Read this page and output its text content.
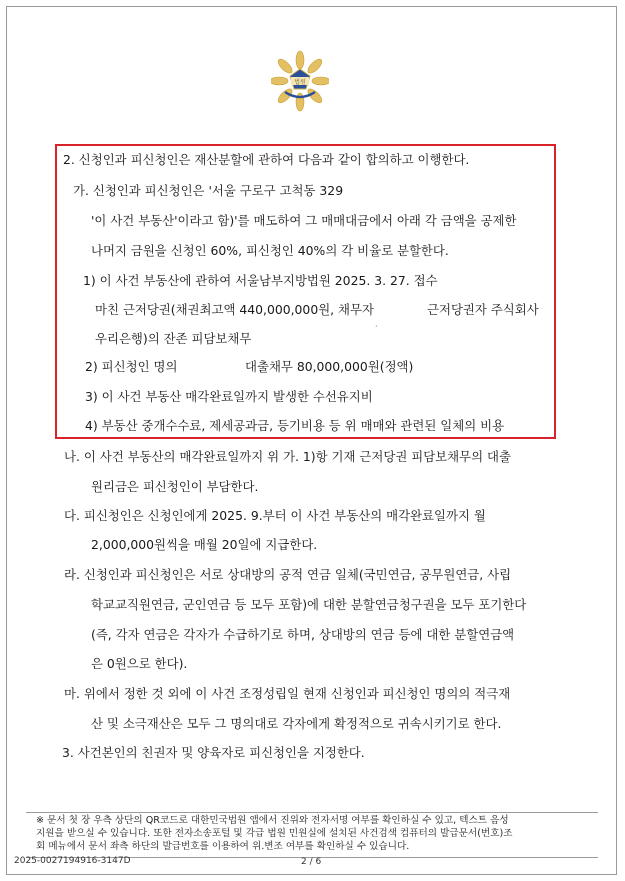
법원
2. 신청인과 피신청인은 재산분할에 관하여 다음과 같이 합의하고 이행한다.
가. 신청인과 피신청인은 '서울 구로구 고척동 329
'이 사건 부동산'이라고 함)'를 매도하여 그 매매대금에서 아래 각 금액을 공제한
나머지 금원을 신청인 60%, 피신청인 40%의 각 비율로 분할한다.
1) 이 사건 부동산에 관하여 서울남부지방법원 2025. 3. 27. 접수
마친 근저당권(채권최고액 440,000,000원, 채무자	근저당권자 주식회사
우리은행)의 잔존 피담보채무
·
2) 피신청인 명의	대출채무 80,000,000원(정액)
3) 이 사건 부동산 매각완료일까지 발생한 수선유지비
4) 부동산 중개수수료, 제세공과금, 등기비용 등 위 매매와 관련된 일체의 비용
나. 이 사건 부동산의 매각완료일까지 위 가. 1)항 기재 근저당권 피담보채무의 대출
원리금은 피신청인이 부담한다.
다. 피신청인은 신청인에게 2025. 9.부터 이 사건 부동산의 매각완료일까지 월
2,000,000원씩을 매월 20일에 지급한다.
라. 신청인과 피신청인은 서로 상대방의 공적 연금 일체(국민연금, 공무원연금, 사립
학교교직원연금, 군인연금 등 모두 포함)에 대한 분할연금청구권을 모두 포기한다
(즉, 각자 연금은 각자가 수급하기로 하며, 상대방의 연금 등에 대한 분할연금액
은 0원으로 한다).
마. 위에서 정한 것 외에 이 사건 조정성립일 현재 신청인과 피신청인 명의의 적극재
산 및 소극재산은 모두 그 명의대로 각자에게 확정적으로 귀속시키기로 한다.
3. 사건본인의 친권자 및 양육자로 피신청인을 지정한다.
※ 문서 첫 장 우측 상단의 QR코드로 대한민국법원 앱에서 진위와 전자서명 여부를 확인하실 수 있고, 텍스트 음성
지원을 받으실 수 있습니다. 또한 전자소송포털 및 각급 법원 민원실에 설치된 사건검색 컴퓨터의 발급문서(번호)조
회 메뉴에서 문서 좌측 하단의 발급번호를 이용하여 위.변조 여부를 확인하실 수 있습니다.
2025-0027194916-3147D	2 / 6
